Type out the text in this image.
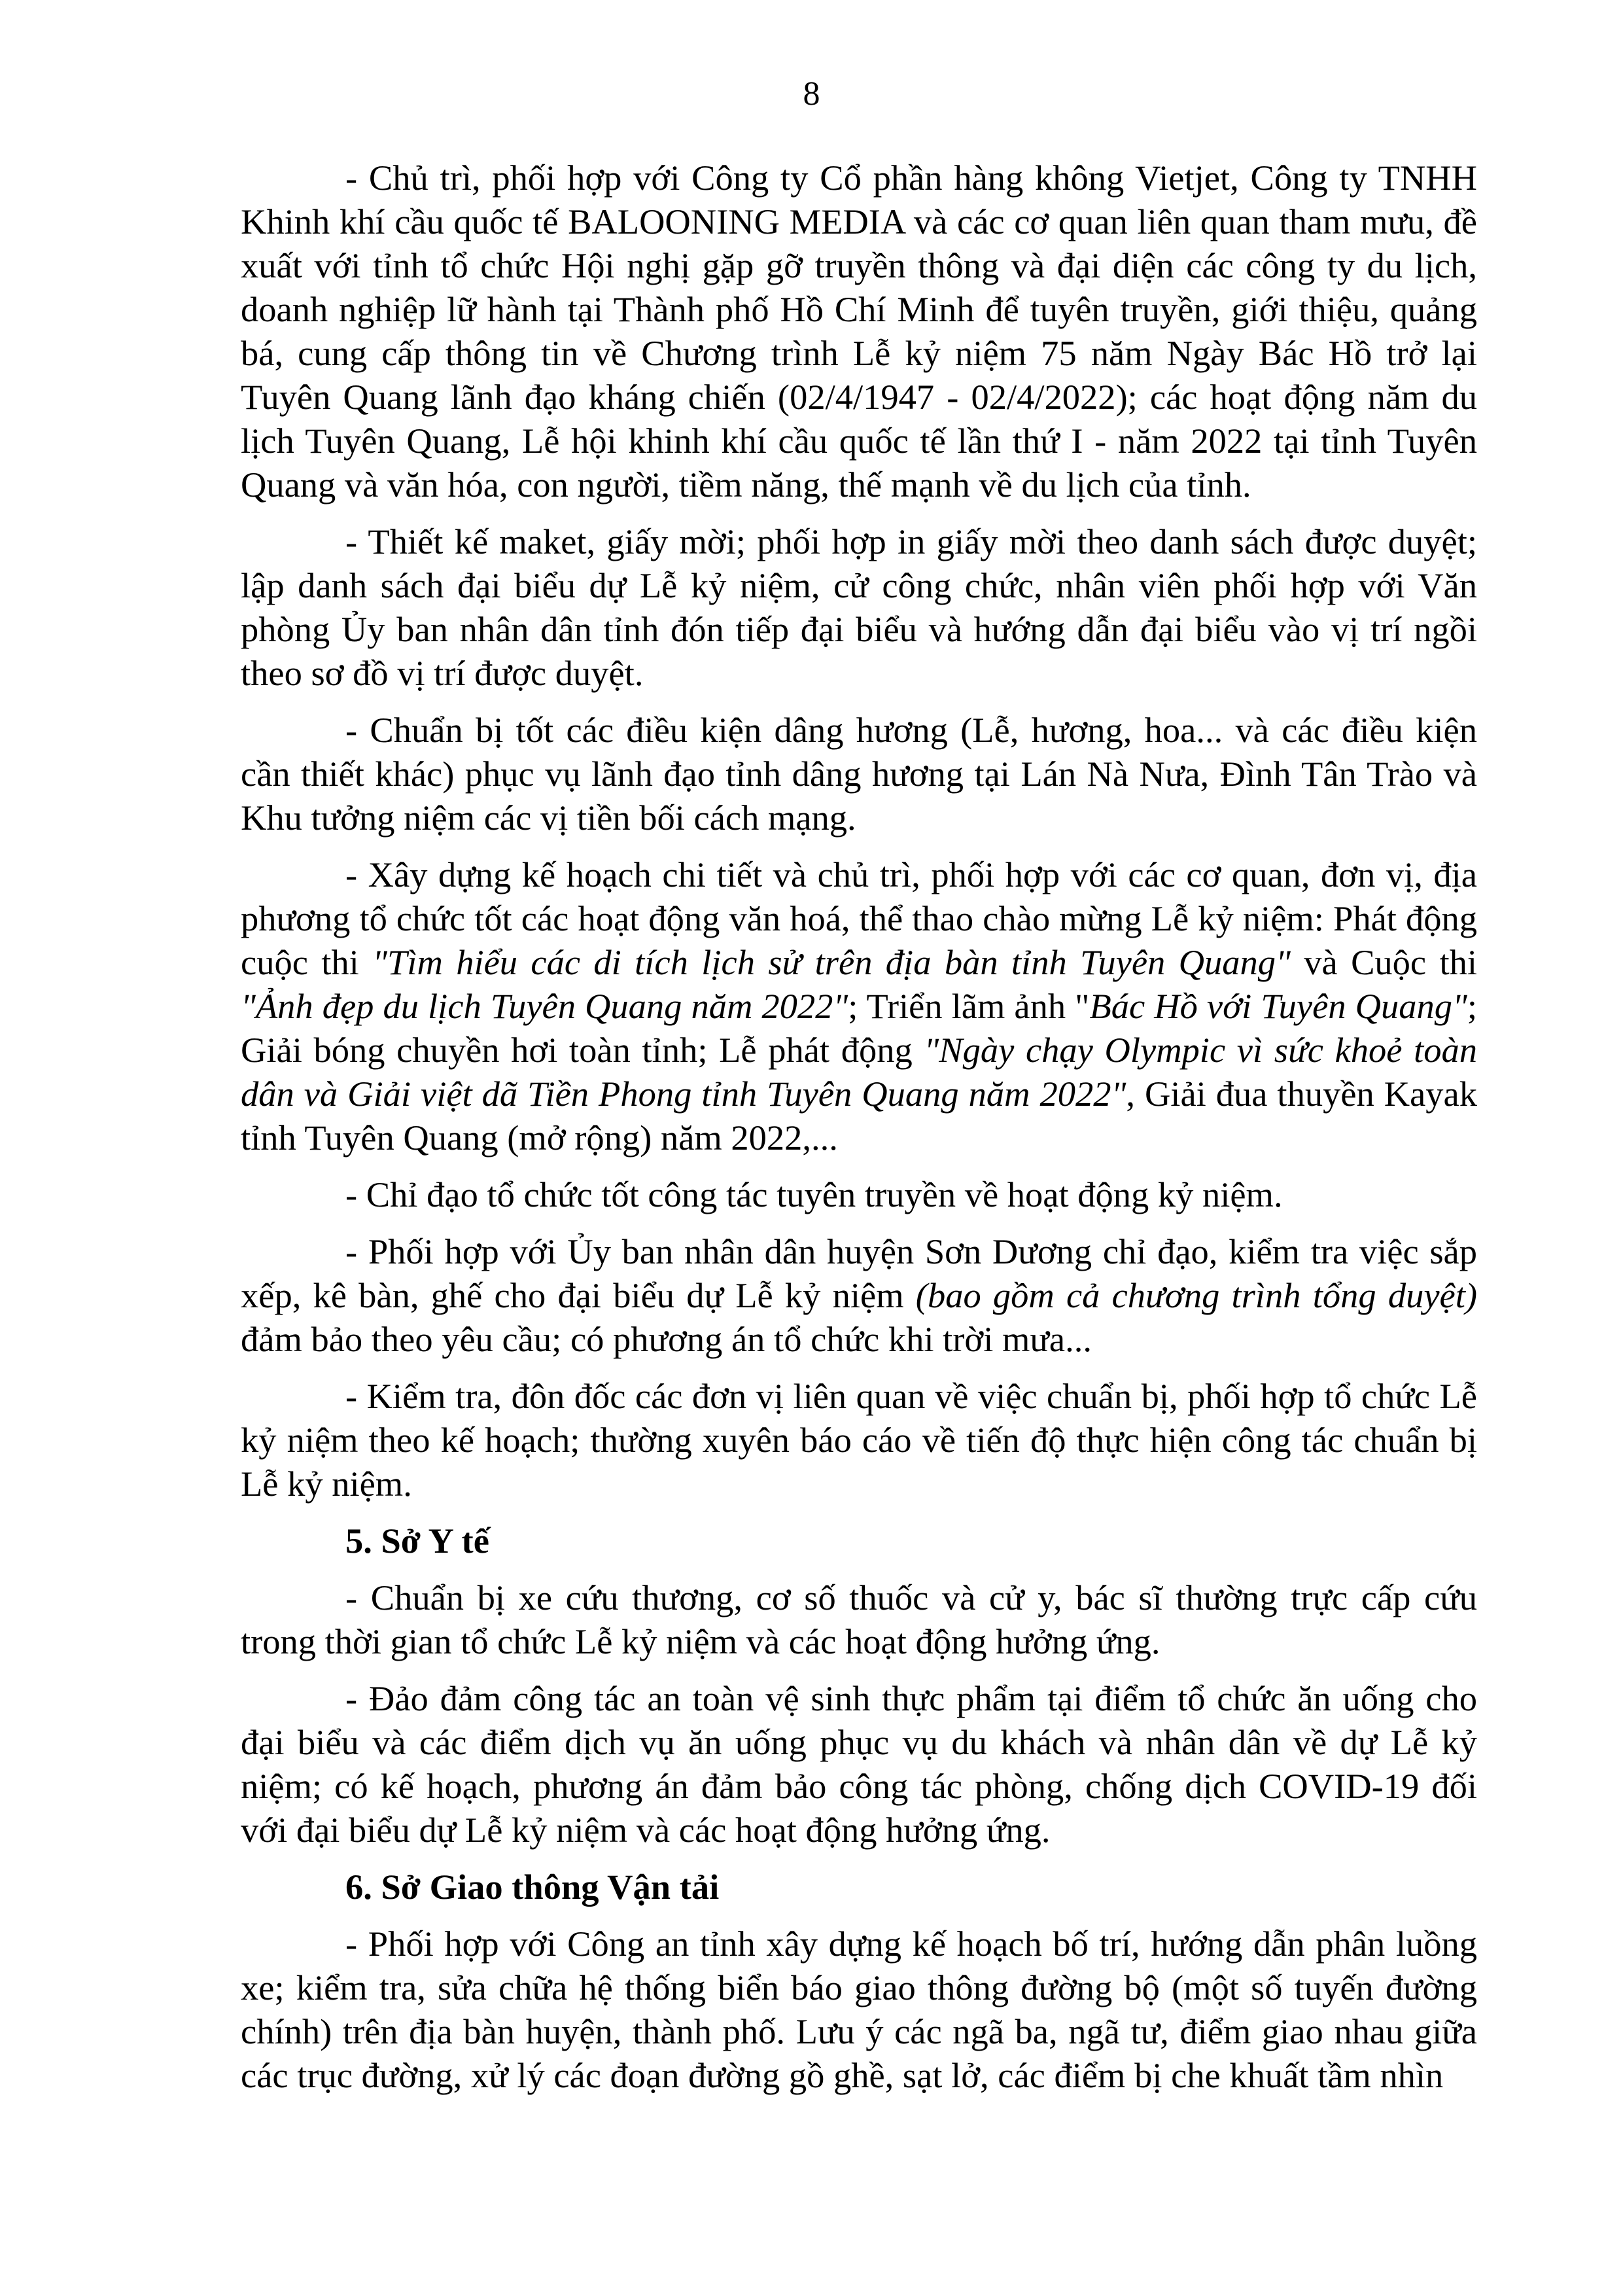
8

- Chủ trì, phối hợp với Công ty Cổ phần hàng không Vietjet, Công ty TNHH Khinh khí cầu quốc tế BALOONING MEDIA và các cơ quan liên quan tham mưu, đề xuất với tỉnh tổ chức Hội nghị gặp gỡ truyền thông và đại diện các công ty du lịch, doanh nghiệp lữ hành tại Thành phố Hồ Chí Minh để tuyên truyền, giới thiệu, quảng bá, cung cấp thông tin về Chương trình Lễ kỷ niệm 75 năm Ngày Bác Hồ trở lại Tuyên Quang lãnh đạo kháng chiến (02/4/1947 - 02/4/2022); các hoạt động năm du lịch Tuyên Quang, Lễ hội khinh khí cầu quốc tế lần thứ I - năm 2022 tại tỉnh Tuyên Quang và văn hóa, con người, tiềm năng, thế mạnh về du lịch của tỉnh.

- Thiết kế maket, giấy mời; phối hợp in giấy mời theo danh sách được duyệt; lập danh sách đại biểu dự Lễ kỷ niệm, cử công chức, nhân viên phối hợp với Văn phòng Ủy ban nhân dân tỉnh đón tiếp đại biểu và hướng dẫn đại biểu vào vị trí ngồi theo sơ đồ vị trí được duyệt.

- Chuẩn bị tốt các điều kiện dâng hương (Lễ, hương, hoa... và các điều kiện cần thiết khác) phục vụ lãnh đạo tỉnh dâng hương tại Lán Nà Nưa, Đình Tân Trào và Khu tưởng niệm các vị tiền bối cách mạng.

- Xây dựng kế hoạch chi tiết và chủ trì, phối hợp với các cơ quan, đơn vị, địa phương tổ chức tốt các hoạt động văn hoá, thể thao chào mừng Lễ kỷ niệm: Phát động cuộc thi "Tìm hiểu các di tích lịch sử trên địa bàn tỉnh Tuyên Quang" và Cuộc thi "Ảnh đẹp du lịch Tuyên Quang năm 2022"; Triển lãm ảnh "Bác Hồ với Tuyên Quang"; Giải bóng chuyền hơi toàn tỉnh; Lễ phát động "Ngày chạy Olympic vì sức khoẻ toàn dân và Giải việt dã Tiền Phong tỉnh Tuyên Quang năm 2022", Giải đua thuyền Kayak tỉnh Tuyên Quang (mở rộng) năm 2022,...

- Chỉ đạo tổ chức tốt công tác tuyên truyền về hoạt động kỷ niệm.

- Phối hợp với Ủy ban nhân dân huyện Sơn Dương chỉ đạo, kiểm tra việc sắp xếp, kê bàn, ghế cho đại biểu dự Lễ kỷ niệm (bao gồm cả chương trình tổng duyệt) đảm bảo theo yêu cầu; có phương án tổ chức khi trời mưa...

- Kiểm tra, đôn đốc các đơn vị liên quan về việc chuẩn bị, phối hợp tổ chức Lễ kỷ niệm theo kế hoạch; thường xuyên báo cáo về tiến độ thực hiện công tác chuẩn bị Lễ kỷ niệm.

5. Sở Y tế

- Chuẩn bị xe cứu thương, cơ số thuốc và cử y, bác sĩ thường trực cấp cứu trong thời gian tổ chức Lễ kỷ niệm và các hoạt động hưởng ứng.

- Đảo đảm công tác an toàn vệ sinh thực phẩm tại điểm tổ chức ăn uống cho đại biểu và các điểm dịch vụ ăn uống phục vụ du khách và nhân dân về dự Lễ kỷ niệm; có kế hoạch, phương án đảm bảo công tác phòng, chống dịch COVID-19 đối với đại biểu dự Lễ kỷ niệm và các hoạt động hưởng ứng.

6. Sở Giao thông Vận tải

- Phối hợp với Công an tỉnh xây dựng kế hoạch bố trí, hướng dẫn phân luồng xe; kiểm tra, sửa chữa hệ thống biển báo giao thông đường bộ (một số tuyến đường chính) trên địa bàn huyện, thành phố. Lưu ý các ngã ba, ngã tư, điểm giao nhau giữa các trục đường, xử lý các đoạn đường gồ ghề, sạt lở, các điểm bị che khuất tầm nhìn
